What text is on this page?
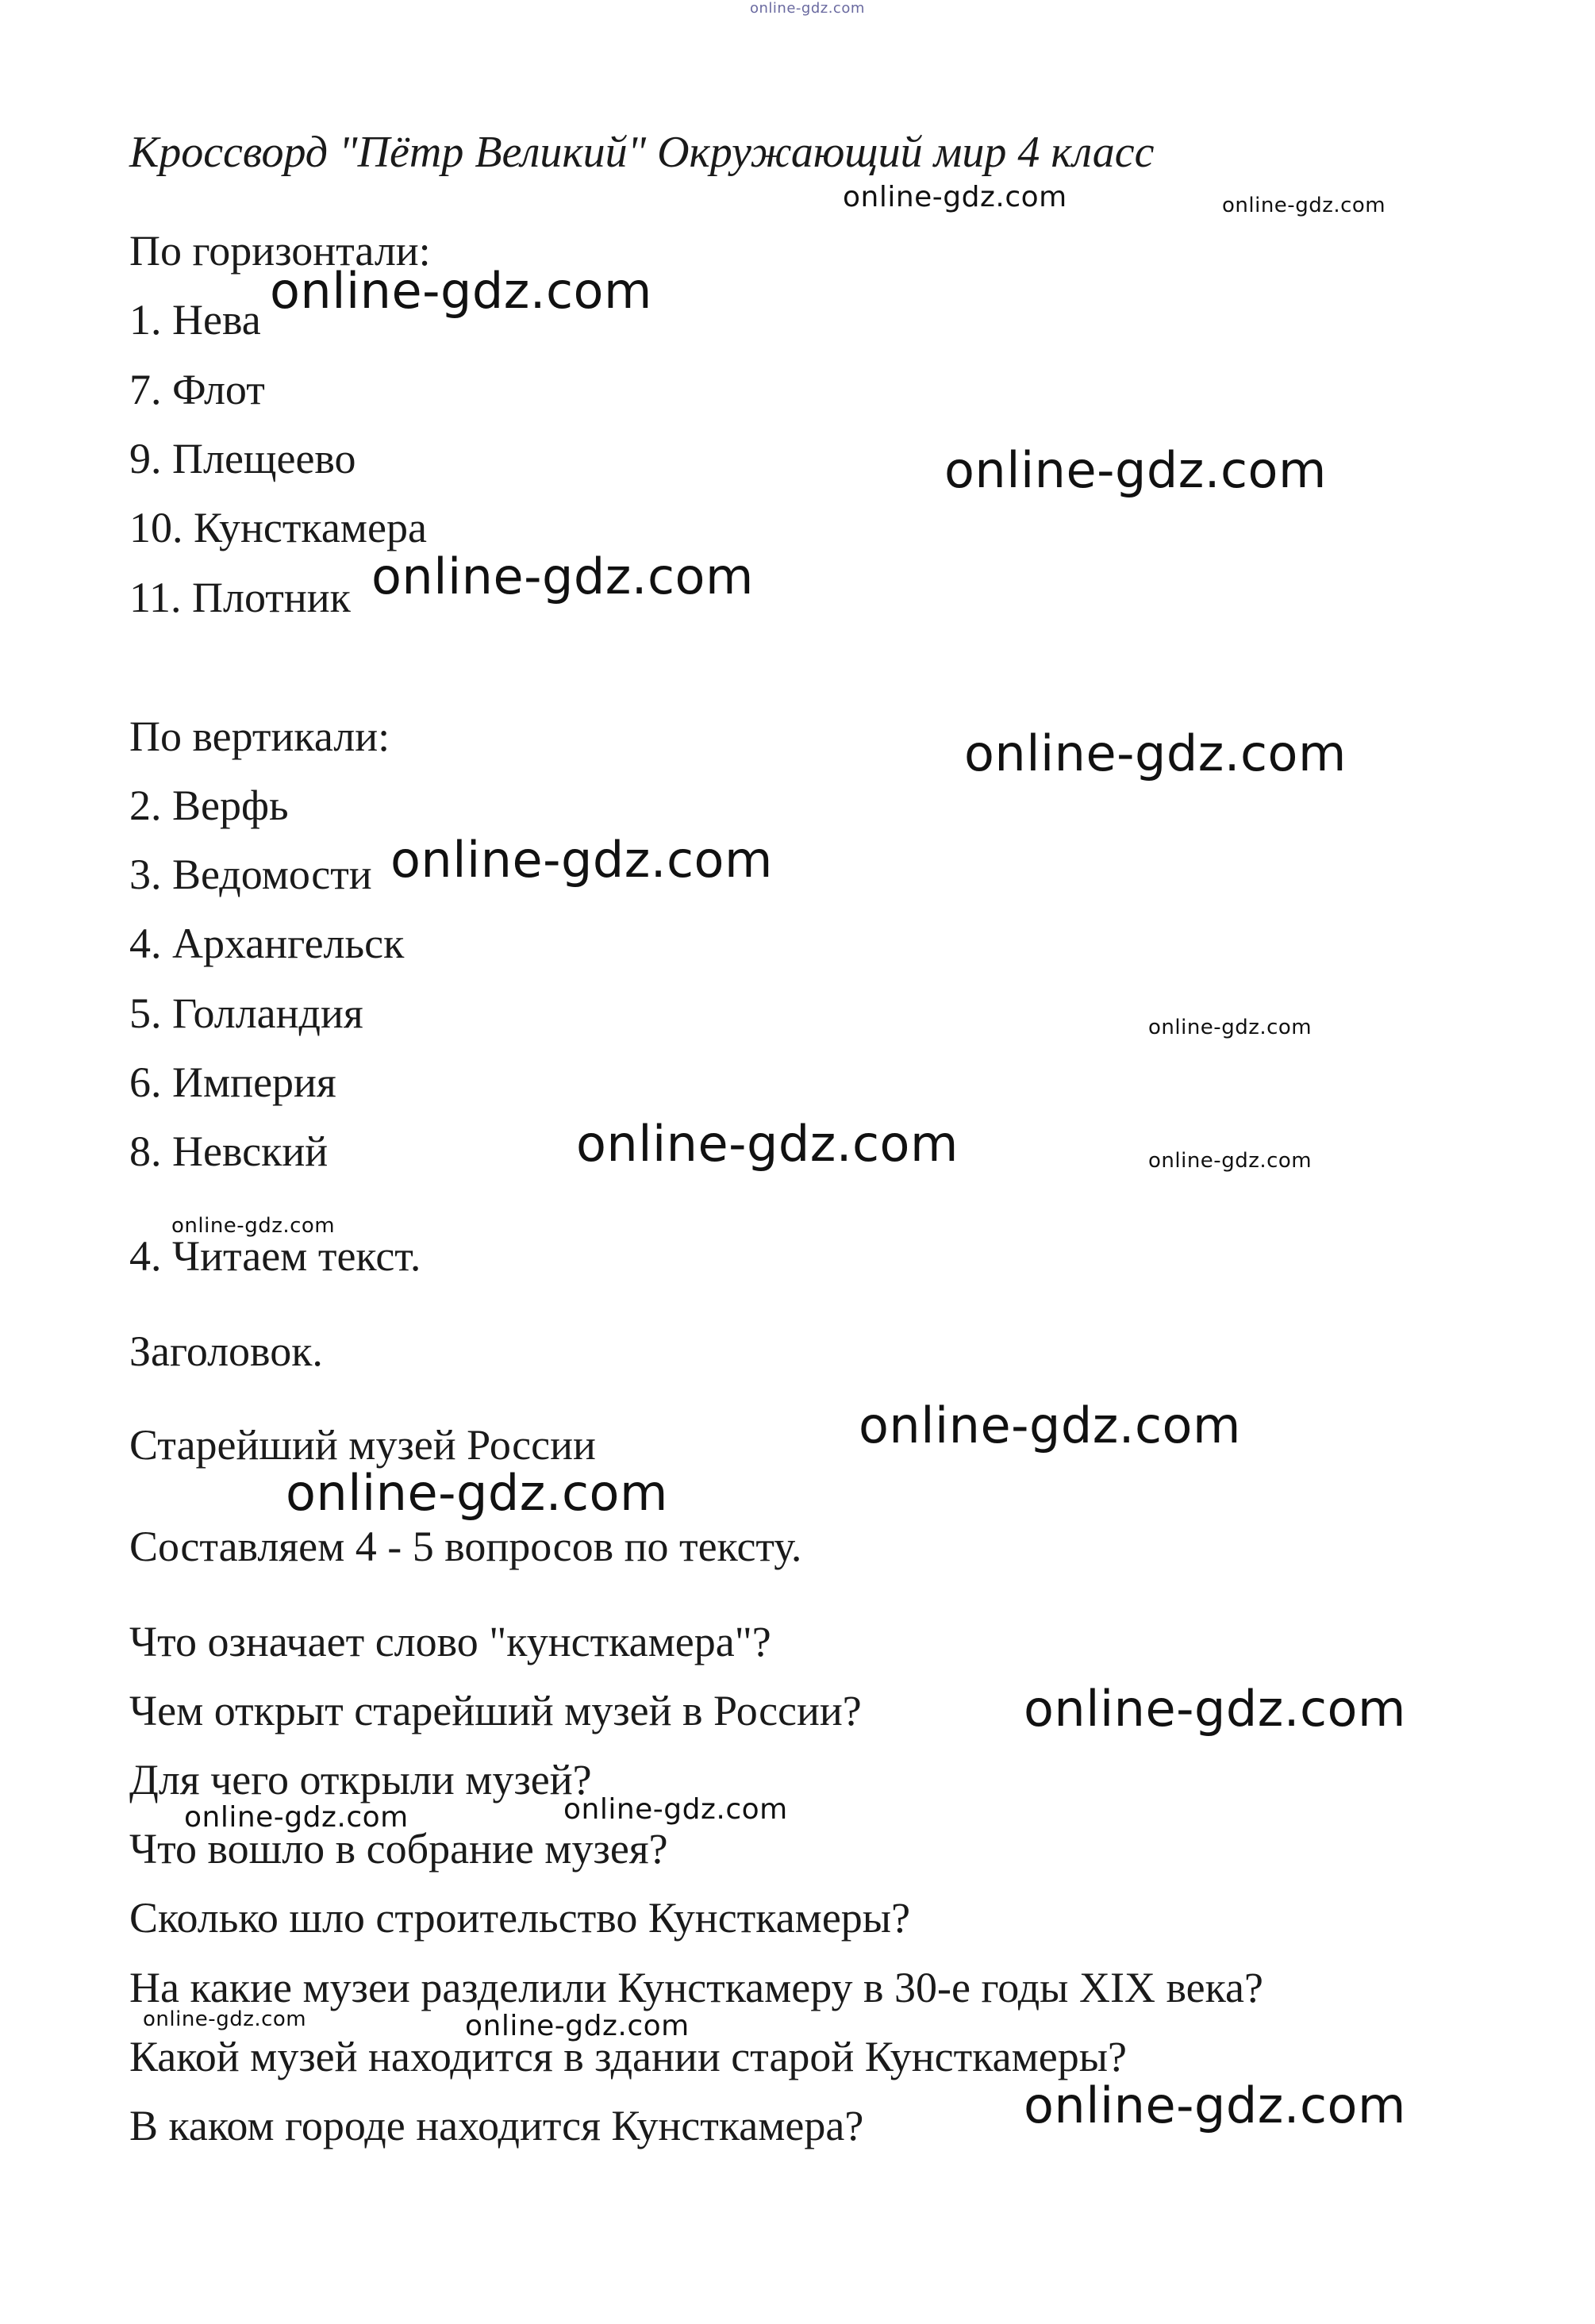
online-gdz.com
Кроссворд "Пётр Великий" Окружающий мир 4 класс
По горизонтали:
1. Нева
7. Флот
9. Плещеево
10. Кунсткамера
11. Плотник
По вертикали:
2. Верфь
3. Ведомости
4. Архангельск
5. Голландия
6. Империя
8. Невский
4. Читаем текст.
Заголовок.
Старейший музей России
Составляем 4 - 5 вопросов по тексту.
Что означает слово "кунсткамера"?
Чем открыт старейший музей в России?
Для чего открыли музей?
Что вошло в собрание музея?
Сколько шло строительство Кунсткамеры?
На какие музеи разделили Кунсткамеру в 30-е годы XIX века?
Какой музей находится в здании старой Кунсткамеры?
В каком городе находится Кунсткамера?
online-gdz.com	online-gdz.com
online-gdz.com
online-gdz.com
online-gdz.com
online-gdz.com
online-gdz.com
online-gdz.com
online-gdz.com	online-gdz.com
online-gdz.com
online-gdz.com
online-gdz.com
online-gdz.com
online-gdz.com	online-gdz.com
online-gdz.com	online-gdz.com
online-gdz.com
